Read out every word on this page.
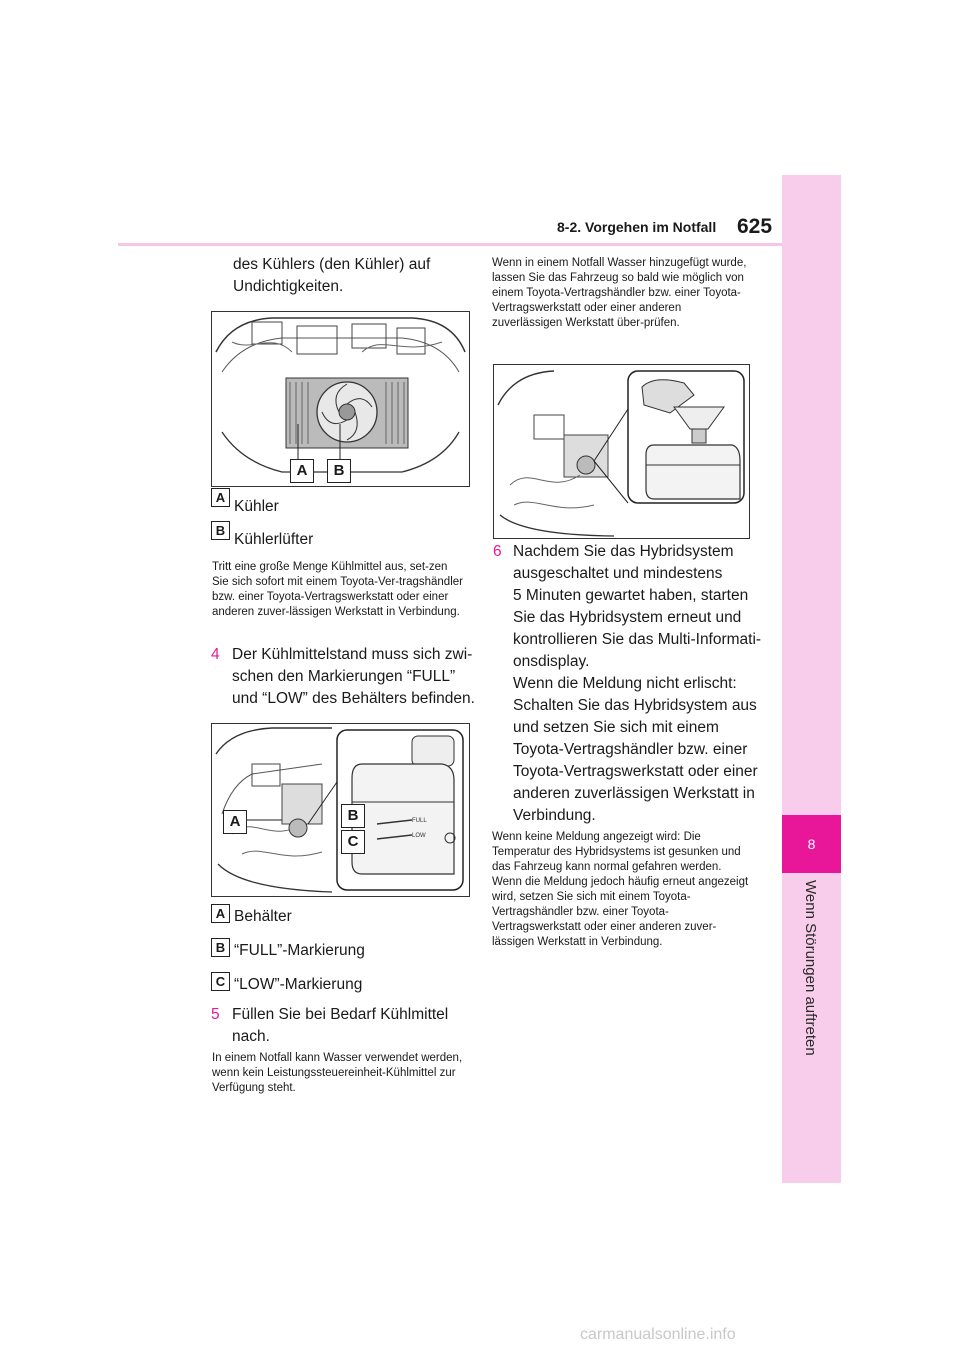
8
Wenn Störungen auftreten
8-2. Vorgehen im Notfall 625
des Kühlers (den Kühler) auf
Undichtigkeiten.
A	B
A
Kühler
B
Kühlerlüfter
Tritt eine große Menge Kühlmittel aus, set-zen Sie sich sofort mit einem Toyota-Ver-tragshändler bzw. einer Toyota-Vertragswerkstatt oder einer anderen zuver-lässigen Werkstatt in Verbindung.
4 Der Kühlmittelstand muss sich zwi-
schen den Markierungen “FULL”
und “LOW” des Behälters befinden.
FULL
LOW
A	B
C
A Behälter
B “FULL”-Markierung
C “LOW”-Markierung
5 Füllen Sie bei Bedarf Kühlmittel
nach.
In einem Notfall kann Wasser verwendet werden, wenn kein Leistungssteuereinheit-Kühlmittel zur Verfügung steht.
Wenn in einem Notfall Wasser hinzugefügt wurde, lassen Sie das Fahrzeug so bald wie möglich von einem Toyota-Vertragshändler bzw. einer Toyota-Vertragswerkstatt oder einer anderen zuverlässigen Werkstatt über-prüfen.
6 Nachdem Sie das Hybridsystem
ausgeschaltet und mindestens
5 Minuten gewartet haben, starten
Sie das Hybridsystem erneut und
kontrollieren Sie das Multi-Informati-
onsdisplay.
Wenn die Meldung nicht erlischt:
Schalten Sie das Hybridsystem aus
und setzen Sie sich mit einem
Toyota-Vertragshändler bzw. einer
Toyota-Vertragswerkstatt oder einer
anderen zuverlässigen Werkstatt in
Verbindung.
Wenn keine Meldung angezeigt wird: Die Temperatur des Hybridsystems ist gesunken und das Fahrzeug kann normal gefahren werden. Wenn die Meldung jedoch häufig erneut angezeigt wird, setzen Sie sich mit einem Toyota-Vertragshändler bzw. einer Toyota-Vertragswerkstatt oder einer anderen zuver-lässigen Werkstatt in Verbindung.
carmanualsonline.info
